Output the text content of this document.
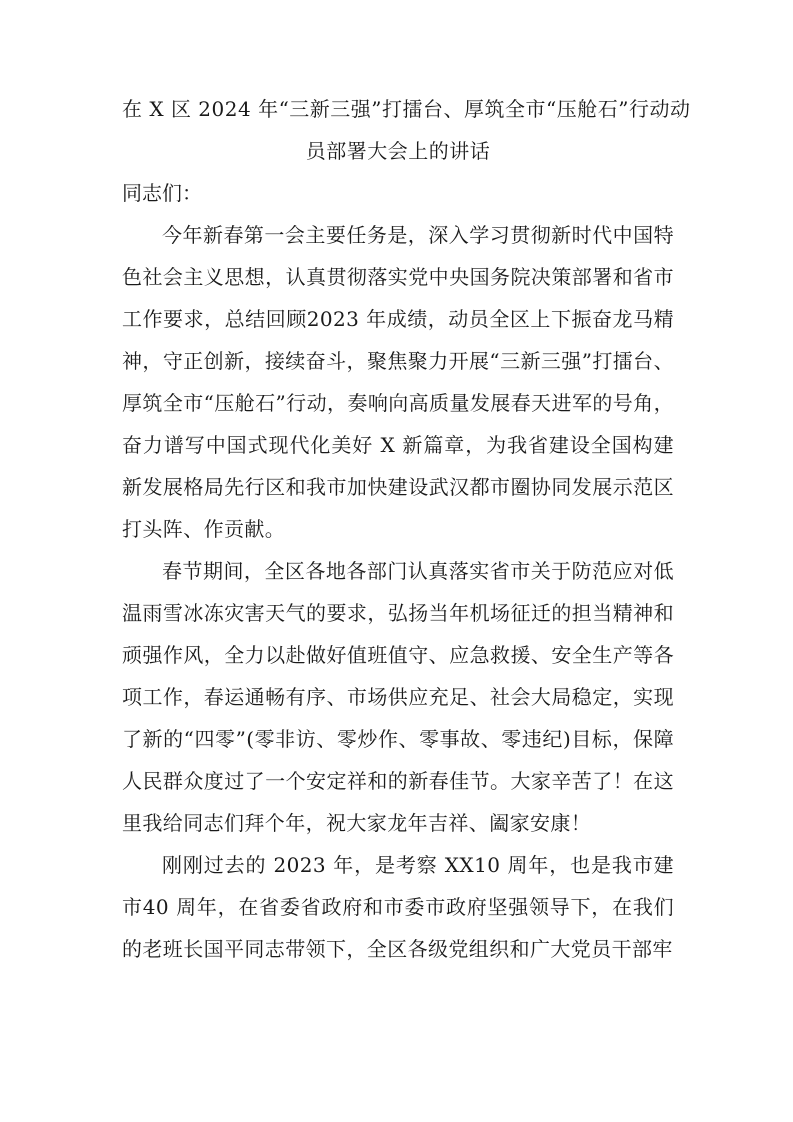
在 X 区 2024 年“三新三强”打擂台、厚筑全市“压舱石”行动动
员部署大会上的讲话

同志们：

今年新春第一会主要任务是，深入学习贯彻新时代中国特色社会主义思想，认真贯彻落实党中央国务院决策部署和省市工作要求，总结回顾2023 年成绩，动员全区上下振奋龙马精神，守正创新，接续奋斗，聚焦聚力开展“三新三强”打擂台、厚筑全市“压舱石”行动，奏响向高质量发展春天进军的号角，奋力谱写中国式现代化美好 X 新篇章，为我省建设全国构建新发展格局先行区和我市加快建设武汉都市圈协同发展示范区打头阵、作贡献。

春节期间，全区各地各部门认真落实省市关于防范应对低温雨雪冰冻灾害天气的要求，弘扬当年机场征迁的担当精神和顽强作风，全力以赴做好值班值守、应急救援、安全生产等各项工作，春运通畅有序、市场供应充足、社会大局稳定，实现了新的“四零”(零非访、零炒作、零事故、零违纪)目标，保障人民群众度过了一个安定祥和的新春佳节。大家辛苦了！在这里我给同志们拜个年，祝大家龙年吉祥、阖家安康！

刚刚过去的 2023 年，是考察 XX10 周年，也是我市建市40 周年，在省委省政府和市委市政府坚强领导下，在我们的老班长国平同志带领下，全区各级党组织和广大党员干部牢
